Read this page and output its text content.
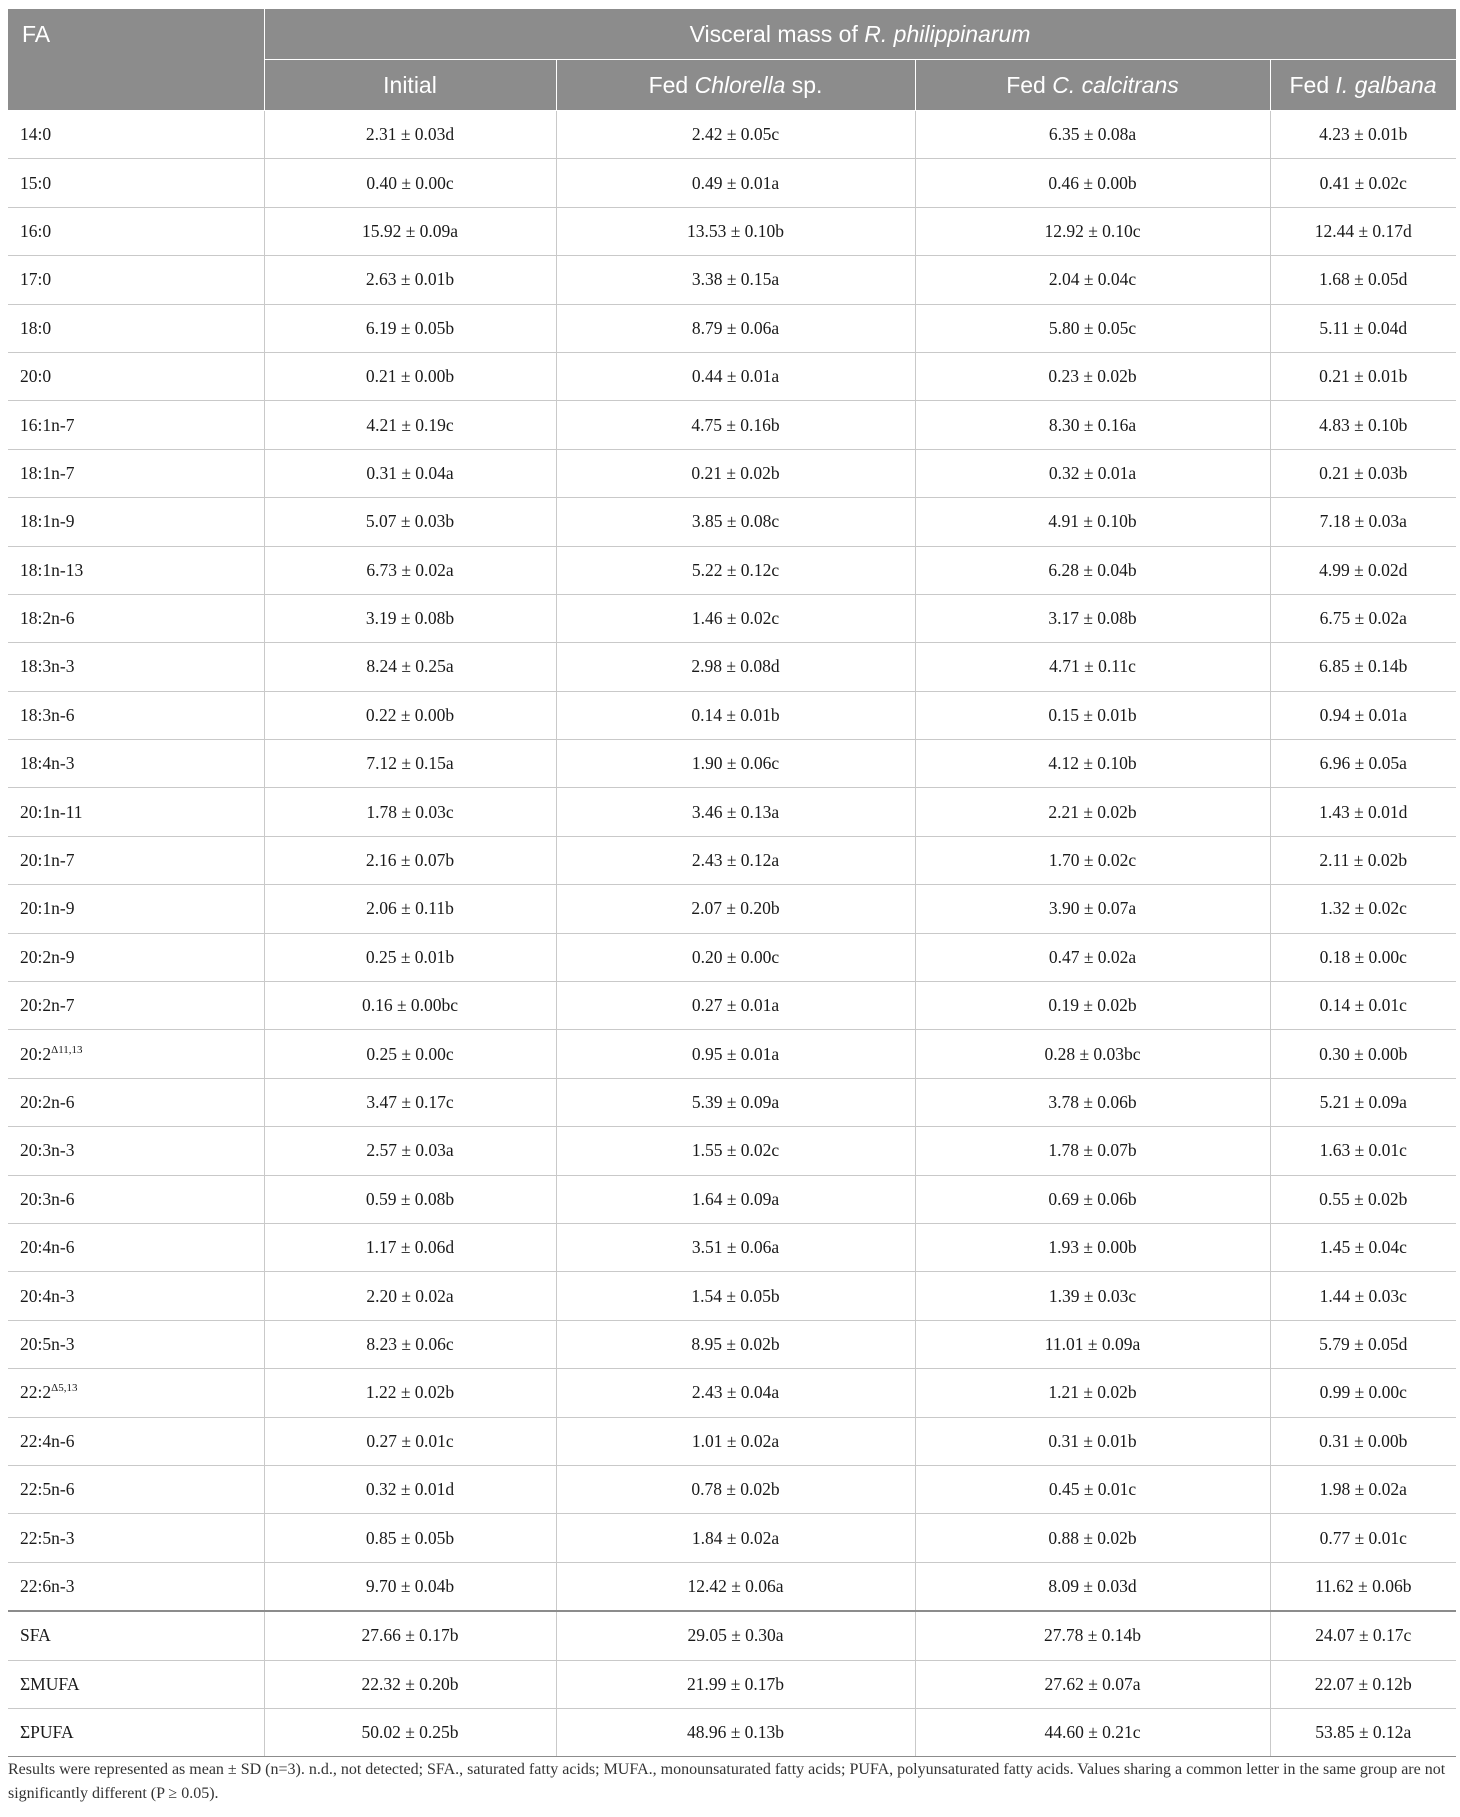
FA	Visceral mass of R. philippinarum			
	Initial	Fed Chlorella sp.	Fed C. calcitrans	Fed I. galbana
14:0	2.31 ± 0.03d	2.42 ± 0.05c	6.35 ± 0.08a	4.23 ± 0.01b
15:0	0.40 ± 0.00c	0.49 ± 0.01a	0.46 ± 0.00b	0.41 ± 0.02c
16:0	15.92 ± 0.09a	13.53 ± 0.10b	12.92 ± 0.10c	12.44 ± 0.17d
17:0	2.63 ± 0.01b	3.38 ± 0.15a	2.04 ± 0.04c	1.68 ± 0.05d
18:0	6.19 ± 0.05b	8.79 ± 0.06a	5.80 ± 0.05c	5.11 ± 0.04d
20:0	0.21 ± 0.00b	0.44 ± 0.01a	0.23 ± 0.02b	0.21 ± 0.01b
16:1n-7	4.21 ± 0.19c	4.75 ± 0.16b	8.30 ± 0.16a	4.83 ± 0.10b
18:1n-7	0.31 ± 0.04a	0.21 ± 0.02b	0.32 ± 0.01a	0.21 ± 0.03b
18:1n-9	5.07 ± 0.03b	3.85 ± 0.08c	4.91 ± 0.10b	7.18 ± 0.03a
18:1n-13	6.73 ± 0.02a	5.22 ± 0.12c	6.28 ± 0.04b	4.99 ± 0.02d
18:2n-6	3.19 ± 0.08b	1.46 ± 0.02c	3.17 ± 0.08b	6.75 ± 0.02a
18:3n-3	8.24 ± 0.25a	2.98 ± 0.08d	4.71 ± 0.11c	6.85 ± 0.14b
18:3n-6	0.22 ± 0.00b	0.14 ± 0.01b	0.15 ± 0.01b	0.94 ± 0.01a
18:4n-3	7.12 ± 0.15a	1.90 ± 0.06c	4.12 ± 0.10b	6.96 ± 0.05a
20:1n-11	1.78 ± 0.03c	3.46 ± 0.13a	2.21 ± 0.02b	1.43 ± 0.01d
20:1n-7	2.16 ± 0.07b	2.43 ± 0.12a	1.70 ± 0.02c	2.11 ± 0.02b
20:1n-9	2.06 ± 0.11b	2.07 ± 0.20b	3.90 ± 0.07a	1.32 ± 0.02c
20:2n-9	0.25 ± 0.01b	0.20 ± 0.00c	0.47 ± 0.02a	0.18 ± 0.00c
20:2n-7	0.16 ± 0.00bc	0.27 ± 0.01a	0.19 ± 0.02b	0.14 ± 0.01c
$20:2^{\Delta 11,13}$	0.25 ± 0.00c	0.95 ± 0.01a	0.28 ± 0.03bc	0.30 ± 0.00b
20:2n-6	3.47 ± 0.17c	5.39 ± 0.09a	3.78 ± 0.06b	5.21 ± 0.09a
20:3n-3	2.57 ± 0.03a	1.55 ± 0.02c	1.78 ± 0.07b	1.63 ± 0.01c
20:3n-6	0.59 ± 0.08b	1.64 ± 0.09a	0.69 ± 0.06b	0.55 ± 0.02b
20:4n-6	1.17 ± 0.06d	3.51 ± 0.06a	1.93 ± 0.00b	1.45 ± 0.04c
20:4n-3	2.20 ± 0.02a	1.54 ± 0.05b	1.39 ± 0.03c	1.44 ± 0.03c
20:5n-3	8.23 ± 0.06c	8.95 ± 0.02b	11.01 ± 0.09a	5.79 ± 0.05d
$22:2^{\Delta 5,13}$	1.22 ± 0.02b	2.43 ± 0.04a	1.21 ± 0.02b	0.99 ± 0.00c
22:4n-6	0.27 ± 0.01c	1.01 ± 0.02a	0.31 ± 0.01b	0.31 ± 0.00b
22:5n-6	0.32 ± 0.01d	0.78 ± 0.02b	0.45 ± 0.01c	1.98 ± 0.02a
22:5n-3	0.85 ± 0.05b	1.84 ± 0.02a	0.88 ± 0.02b	0.77 ± 0.01c
22:6n-3	9.70 ± 0.04b	12.42 ± 0.06a	8.09 ± 0.03d	11.62 ± 0.06b
SFA	27.66 ± 0.17b	29.05 ± 0.30a	27.78 ± 0.14b	24.07 ± 0.17c
ΣMUFA	22.32 ± 0.20b	21.99 ± 0.17b	27.62 ± 0.07a	22.07 ± 0.12b
ΣPUFA	50.02 ± 0.25b	48.96 ± 0.13b	44.60 ± 0.21c	53.85 ± 0.12a
Results were represented as mean ± SD (n=3). n.d., not detected; SFA., saturated fatty acids; MUFA., monounsaturated fatty acids; PUFA, polyunsaturated fatty acids. Values sharing a common letter in the same group are not significantly different (P ≥ 0.05).
